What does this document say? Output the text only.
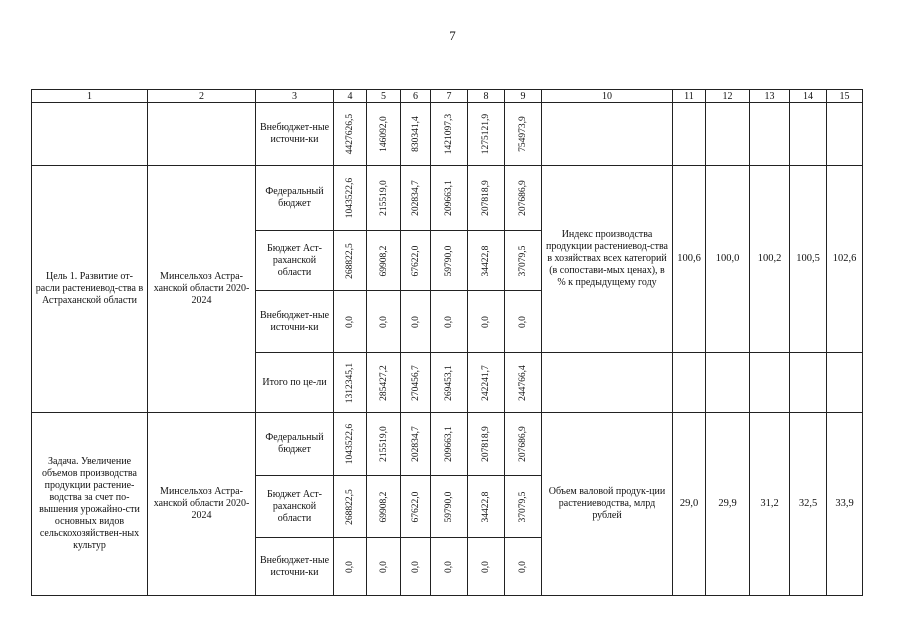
7
1	2	3	4	5	6	7	8	9	10	11	12	13	14	15
		Внебюджет-ные источни-ки	4427626,5	146092,0	830341,4	1421097,3	1275121,9	754973,9						

Цель 1. Развитие от-расли растениевод-ства в Астраханской области	Минсельхоз Астра-ханской области 2020-2024	Федеральный бюджет	1043522,6	215519,0	202834,7	209663,1	207818,9	207686,9	Индекс производства продукции растениевод-ства в хозяйствах всех категорий (в сопостави-мых ценах), в % к предыдущему году	100,6	100,0	100,2	100,5	102,6
		Бюджет Аст-раханской области	268822,5	69908,2	67622,0	59790,0	34422,8	37079,5						

		Внебюджет-ные источни-ки	0,0	0,0	0,0	0,0	0,0	0,0						

		Итого по це-ли	1312345,1	285427,2	270456,7	269453,1	242241,7	244766,4						

Задача. Увеличение объемов производства продукции растение-водства за счет по-вышения урожайно-сти основных видов сельскохозяйствен-ных культур	Минсельхоз Астра-ханской области 2020-2024	Федеральный бюджет	1043522,6	215519,0	202834,7	209663,1	207818,9	207686,9	Объем валовой продук-ции растениеводства, млрд рублей	29,0	29,9	31,2	32,5	33,9
		Бюджет Аст-раханской области	268822,5	69908,2	67622,0	59790,0	34422,8	37079,5						

		Внебюджет-ные источни-ки	0,0	0,0	0,0	0,0	0,0	0,0						
